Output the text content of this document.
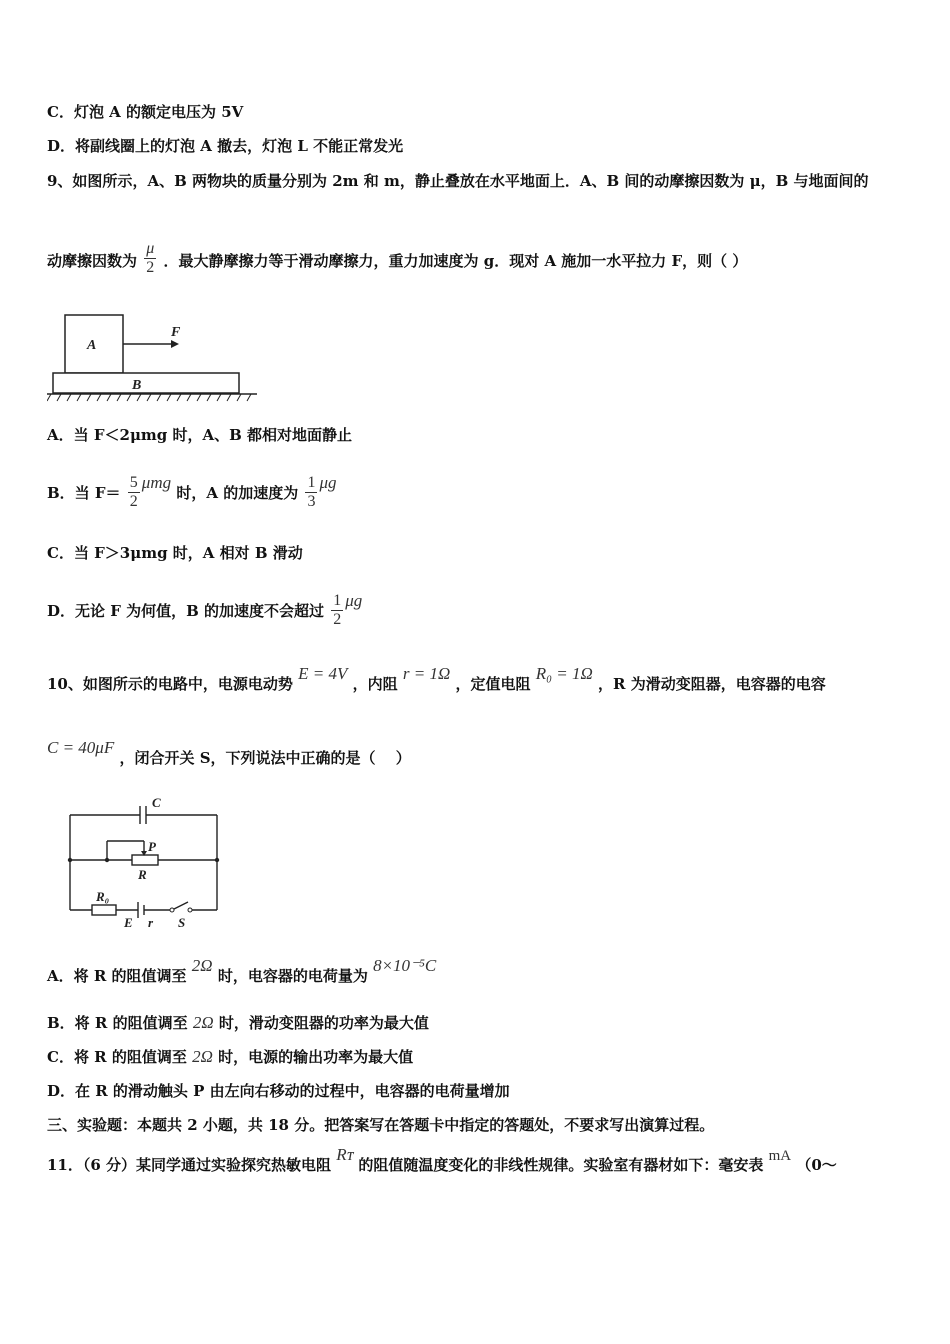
C．灯泡 A 的额定电压为 5V
D．将副线圈上的灯泡 A 撤去，灯泡 L 不能正常发光
9、如图所示，A、B 两物块的质量分别为 2m 和 m，静止叠放在水平地面上．A、B 间的动摩擦因数为 μ，B 与地面间的
动摩擦因数为 $\frac{\mu}{2}$ ．最大静摩擦力等于滑动摩擦力，重力加速度为 g．现对 A 施加一水平拉力 F，则（ ）
A
F
B
A．当 F＜2μmg 时，A、B 都相对地面静止
B．当 $F= \frac{5}{2}$ μmg 时，A 的加速度为 $\frac{1}{3}$ μg
C．当 F＞3μmg 时，A 相对 B 滑动
D．无论 F 为何值，B 的加速度不会超过 $\frac{1}{2}$ μg
10、如图所示的电路中，电源电动势 E = 4V ，内阻 r = 1Ω ，定值电阻 R₀ = 1Ω ，R 为滑动变阻器，电容器的电容
C = 40μF ，闭合开关 S，下列说法中正确的是（　 ）
C
P
R
R₀
E r S
A．将 R 的阻值调至 2Ω 时，电容器的电荷量为 8×10⁻⁵C
B．将 R 的阻值调至 2Ω 时，滑动变阻器的功率为最大值
C．将 R 的阻值调至 2Ω 时，电源的输出功率为最大值
D．在 R 的滑动触头 P 由左向右移动的过程中，电容器的电荷量增加
三、实验题：本题共 2 小题，共 18 分。把答案写在答题卡中指定的答题处，不要求写出演算过程。
11．（6 分）某同学通过实验探究热敏电阻 Rᴛ 的阻值随温度变化的非线性规律。实验室有器材如下：毫安表 mA （0～
